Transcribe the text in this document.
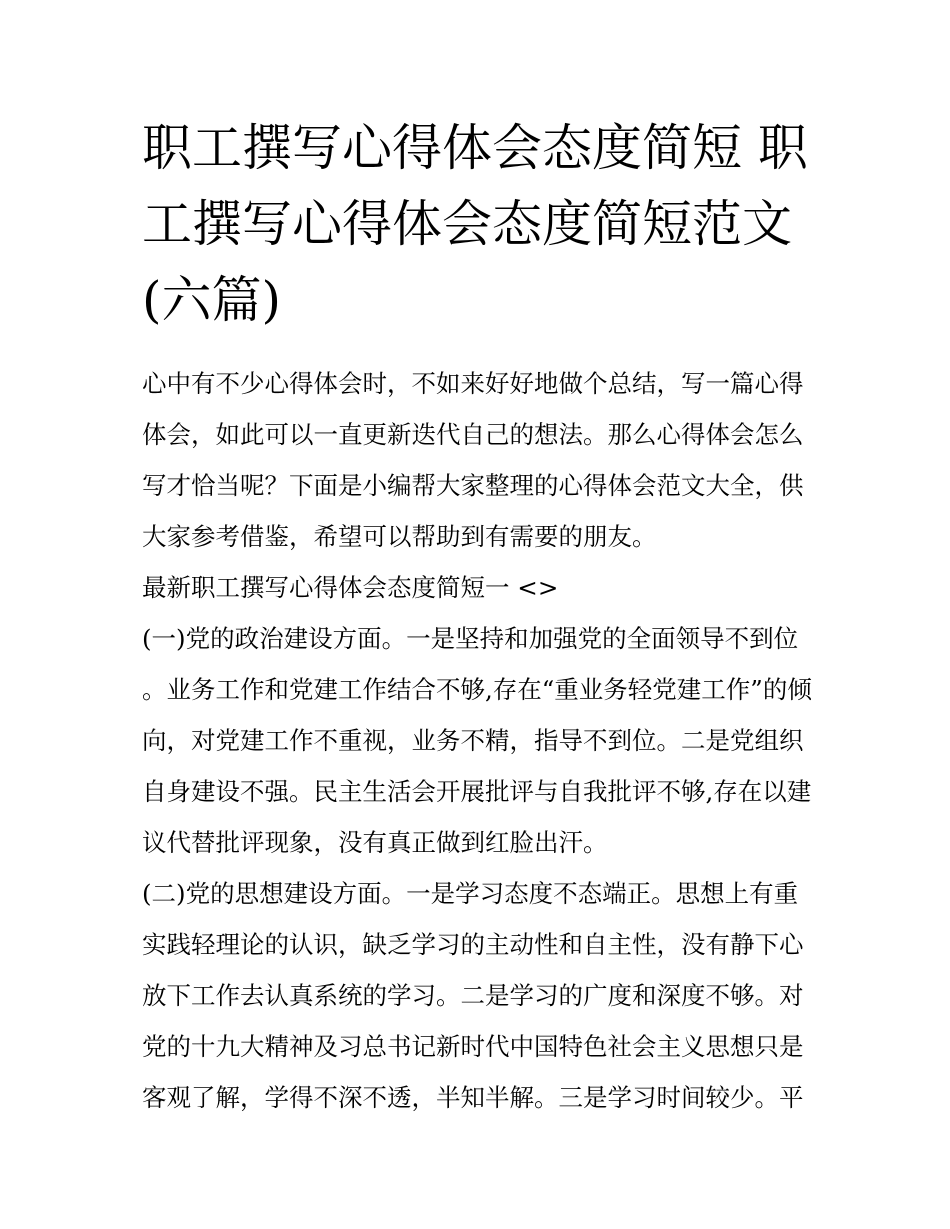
职工撰写心得体会态度简短 职工撰写心得体会态度简短范文(六篇)

心中有不少心得体会时，不如来好好地做个总结，写一篇心得体会，如此可以一直更新迭代自己的想法。那么心得体会怎么写才恰当呢？下面是小编帮大家整理的心得体会范文大全，供大家参考借鉴，希望可以帮助到有需要的朋友。

最新职工撰写心得体会态度简短一 <>

(一)党的政治建设方面。一是坚持和加强党的全面领导不到位。业务工作和党建工作结合不够,存在“重业务轻党建工作”的倾向，对党建工作不重视，业务不精，指导不到位。二是党组织自身建设不强。民主生活会开展批评与自我批评不够,存在以建议代替批评现象，没有真正做到红脸出汗。

(二)党的思想建设方面。一是学习态度不态端正。思想上有重实践轻理论的认识，缺乏学习的主动性和自主性，没有静下心放下工作去认真系统的学习。二是学习的广度和深度不够。对党的十九大精神及习总书记新时代中国特色社会主义思想只是客观了解，学得不深不透，半知半解。三是学习时间较少。平
